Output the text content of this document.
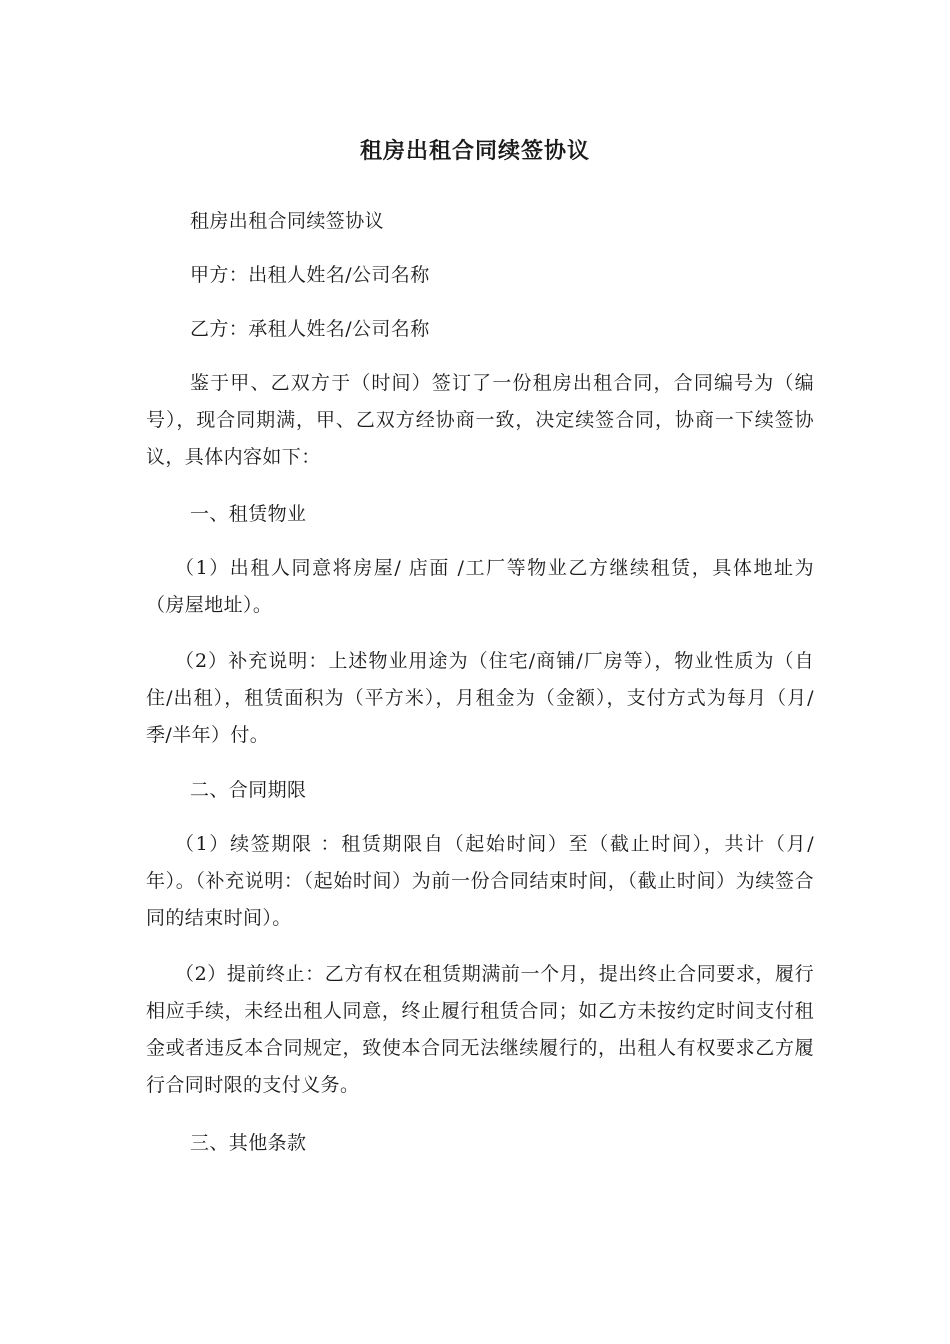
租房出租合同续签协议

租房出租合同续签协议

甲方：出租人姓名/公司名称

乙方：承租人姓名/公司名称

鉴于甲、乙双方于（时间）签订了一份租房出租合同，合同编号为（编号），现合同期满，甲、乙双方经协商一致，决定续签合同，协商一下续签协议，具体内容如下：

一、租赁物业

（1）出租人同意将房屋/ 店面 /工厂等物业乙方继续租赁，具体地址为（房屋地址）。

（2）补充说明：上述物业用途为（住宅/商铺/厂房等），物业性质为（自住/出租），租赁面积为（平方米），月租金为（金额），支付方式为每月（月/季/半年）付。

二、合同期限

（1）续签期限 ：租赁期限自（起始时间）至（截止时间），共计（月/年）。（补充说明：（起始时间）为前一份合同结束时间，（截止时间）为续签合同的结束时间）。

（2）提前终止：乙方有权在租赁期满前一个月，提出终止合同要求，履行相应手续，未经出租人同意，终止履行租赁合同；如乙方未按约定时间支付租金或者违反本合同规定，致使本合同无法继续履行的，出租人有权要求乙方履行合同时限的支付义务。

三、其他条款
